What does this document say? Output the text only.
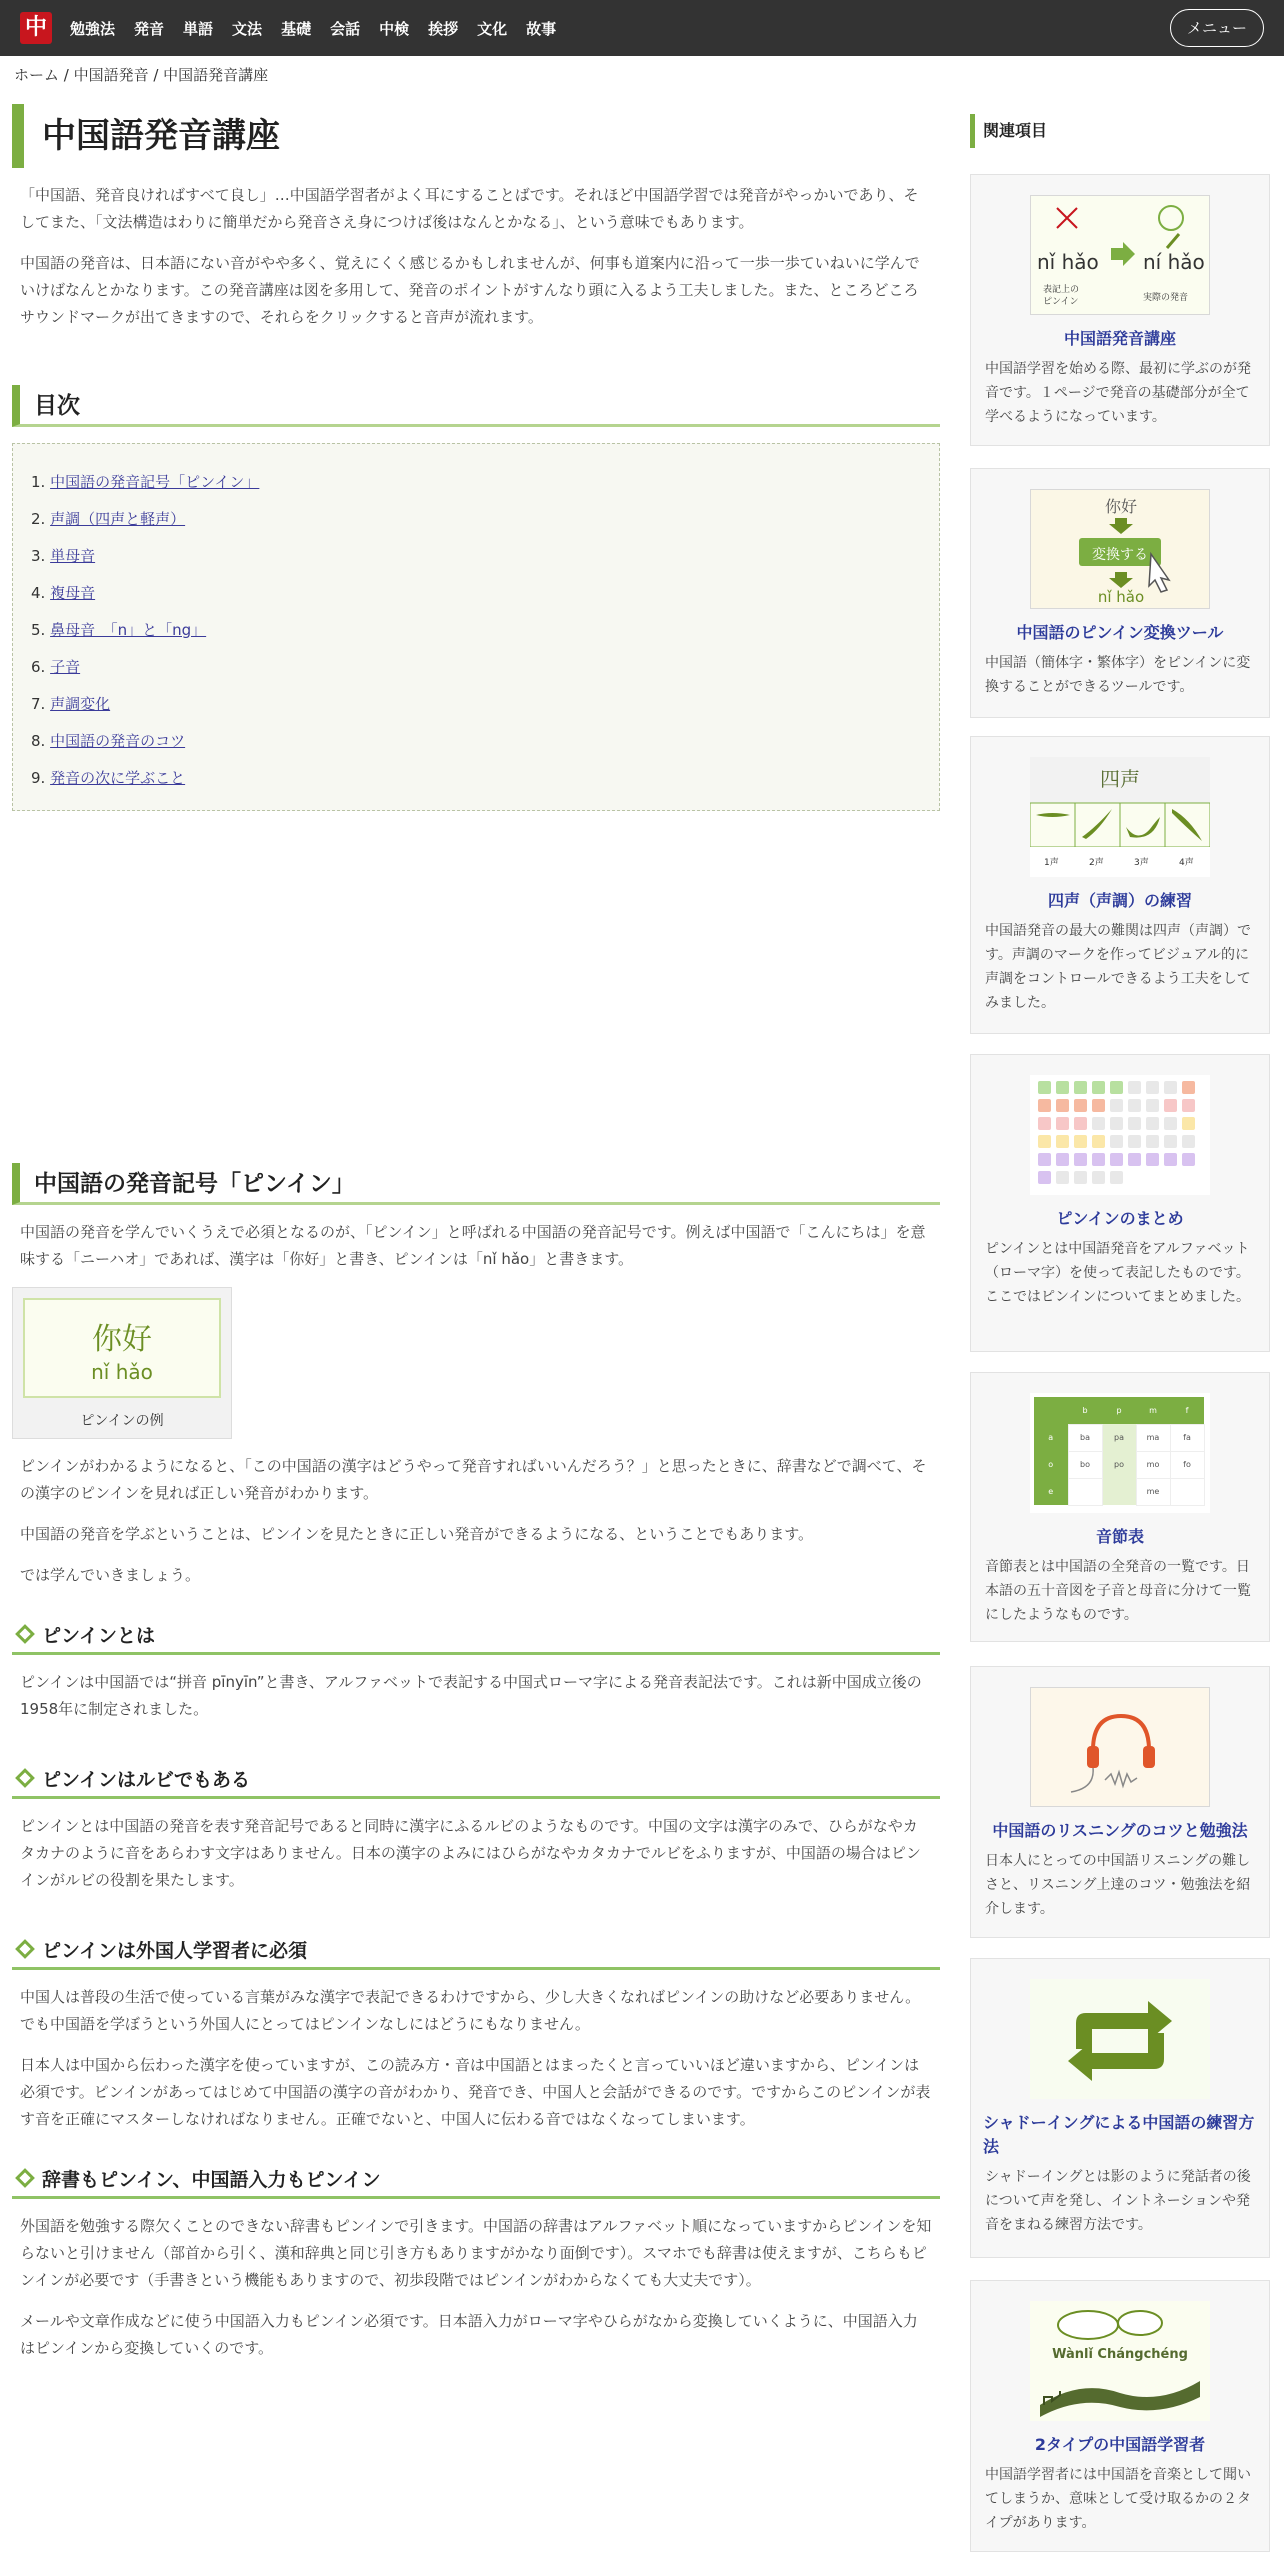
中	勉強法 発音 単語 文法 基礎 会話 中検 挨拶 文化 故事	メニュー
ホーム / 中国語発音 / 中国語発音講座
中国語発音講座

「中国語、発音良ければすべて良し」…中国語学習者がよく耳にすることばです。それほど中国語学習では発音がやっかいであり、そしてまた、「文法構造はわりに簡単だから発音さえ身につけば後はなんとかなる」、という意味でもあります。

中国語の発音は、日本語にない音がやや多く、覚えにくく感じるかもしれませんが、何事も道案内に沿って一歩一歩ていねいに学んでいけばなんとかなります。この発音講座は図を多用して、発音のポイントがすんなり頭に入るよう工夫しました。また、ところどころサウンドマークが出てきますので、それらをクリックすると音声が流れます。

目次
1. 中国語の発音記号「ピンイン」
2. 声調（四声と軽声）
3. 単母音
4. 複母音
5. 鼻母音　「n」と「ng」
6. 子音
7. 声調変化
8. 中国語の発音のコツ
9. 発音の次に学ぶこと
中国語の発音記号「ピンイン」

中国語の発音を学んでいくうえで必須となるのが、「ピンイン」と呼ばれる中国語の発音記号です。例えば中国語で「こんにちは」を意味する「ニーハオ」であれば、漢字は「你好」と書き、ピンインは「nǐ hǎo」と書きます。

你好
nǐ hǎo
ピンインの例

ピンインがわかるようになると、「この中国語の漢字はどうやって発音すればいいんだろう？」と思ったときに、辞書などで調べて、その漢字のピンインを見れば正しい発音がわかります。

中国語の発音を学ぶということは、ピンインを見たときに正しい発音ができるようになる、ということでもあります。

では学んでいきましょう。

ピンインとは

ピンインは中国語では“拼音 pīnyīn”と書き、アルファベットで表記する中国式ローマ字による発音表記法です。これは新中国成立後の1958年に制定されました。

ピンインはルビでもある

ピンインとは中国語の発音を表す発音記号であると同時に漢字にふるルビのようなものです。中国の文字は漢字のみで、ひらがなやカタカナのように音をあらわす文字はありません。日本の漢字のよみにはひらがなやカタカナでルビをふりますが、中国語の場合はピンインがルビの役割を果たします。

ピンインは外国人学習者に必須

中国人は普段の生活で使っている言葉がみな漢字で表記できるわけですから、少し大きくなればピンインの助けなど必要ありません。でも中国語を学ぼうという外国人にとってはピンインなしにはどうにもなりません。

日本人は中国から伝わった漢字を使っていますが、この読み方・音は中国語とはまったくと言っていいほど違いますから、ピンインは必須です。ピンインがあってはじめて中国語の漢字の音がわかり、発音でき、中国人と会話ができるのです。ですからこのピンインが表す音を正確にマスターしなければなりません。正確でないと、中国人に伝わる音ではなくなってしまいます。

辞書もピンイン、中国語入力もピンイン

外国語を勉強する際欠くことのできない辞書もピンインで引きます。中国語の辞書はアルファベット順になっていますからピンインを知らないと引けません（部首から引く、漢和辞典と同じ引き方もありますがかなり面倒です）。スマホでも辞書は使えますが、こちらもピンインが必要です（手書きという機能もありますので、初歩段階ではピンインがわからなくても大丈夫です）。

メールや文章作成などに使う中国語入力もピンイン必須です。日本語入力がローマ字やひらがなから変換していくように、中国語入力はピンインから変換していくのです。

関連項目
nǐ hǎo ní hǎo
表記上の
ピンイン	実際の発音
中国語発音講座
中国語学習を始める際、最初に学ぶのが発音です。１ページで発音の基礎部分が全て学べるようになっています。
你好
変換する
nǐ hǎo
中国語のピンイン変換ツール
中国語（簡体字・繁体字）をピンインに変換することができるツールです。
四声
1声	2声	3声	4声
四声（声調）の練習
中国語発音の最大の難関は四声（声調）です。声調のマークを作ってビジュアル的に声調をコントロールできるよう工夫をしてみました。
ピンインのまとめ
ピンインとは中国語発音をアルファベット（ローマ字）を使って表記したものです。ここではピンインについてまとめました。
	b	p	m	f
a	ba	pa	ma	fa
o	bo	po	mo	fo
e			me	
音節表
音節表とは中国語の全発音の一覧です。日本語の五十音図を子音と母音に分けて一覧にしたようなものです。
中国語のリスニングのコツと勉強法
日本人にとっての中国語リスニングの難しさと、リスニング上達のコツ・勉強法を紹介します。
シャドーイングによる中国語の練習方法
シャドーイングとは影のように発話者の後について声を発し、イントネーションや発音をまねる練習方法です。
Wànlǐ Chángchéng
2タイプの中国語学習者
中国語学習者には中国語を音楽として聞いてしまうか、意味として受け取るかの２タイプがあります。
